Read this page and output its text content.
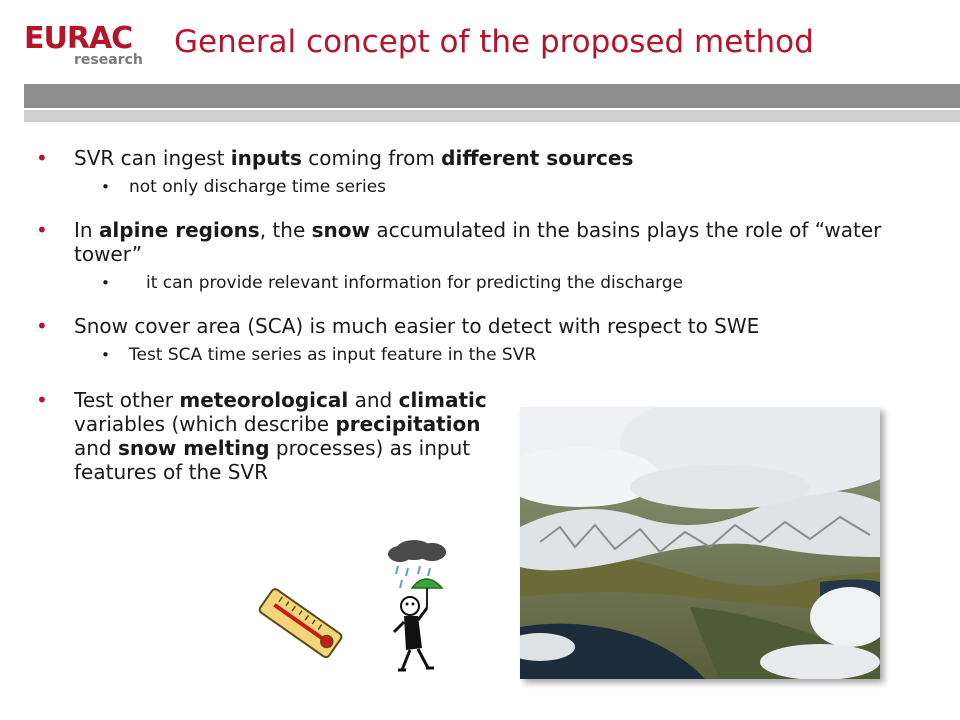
EURAC
research General concept of the proposed method
• SVR can ingest inputs coming from different sources
• not only discharge time series
• In alpine regions, the snow accumulated in the basins plays the role of “water tower”
• it can provide relevant information for predicting the discharge
• Snow cover area (SCA) is much easier to detect with respect to SWE
• Test SCA time series as input feature in the SVR
• Test other meteorological and climatic variables (which describe precipitation and snow melting processes) as input features of the SVR
